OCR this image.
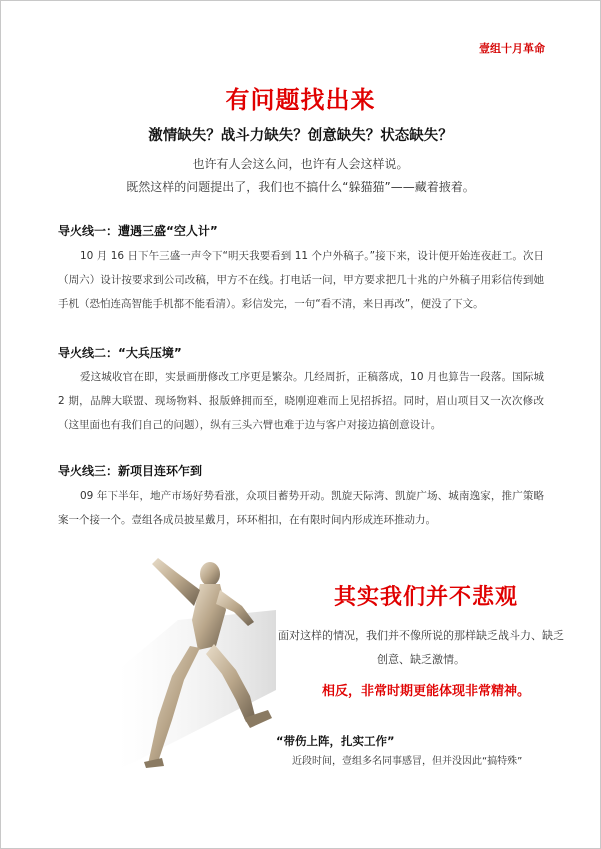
壹组十月革命
有问题找出来
激情缺失？战斗力缺失？创意缺失？状态缺失？
也许有人会这么问，也许有人会这样说。
既然这样的问题提出了，我们也不搞什么“躲猫猫”——藏着掖着。
导火线一：遭遇三盛“空人计”
10 月 16 日下午三盛一声令下“明天我要看到 11 个户外稿子。”接下来，设计便开始连夜赶工。次日（周六）设计按要求到公司改稿，甲方不在线。打电话一问，甲方要求把几十兆的户外稿子用彩信传到她手机（恐怕连高智能手机都不能看清）。彩信发完，一句“看不清，来日再改”，便没了下文。
导火线二：“大兵压境”
爱这城收官在即，实景画册修改工序更是繁杂。几经周折，正稿落成，10 月也算告一段落。国际城 2 期，品牌大联盟、现场物料、报版蜂拥而至，晓刚迎难而上见招拆招。同时，眉山项目又一次次修改（这里面也有我们自己的问题），纵有三头六臂也难于边与客户对接边搞创意设计。
导火线三：新项目连环乍到
09 年下半年，地产市场好势看涨，众项目蓄势开动。凯旋天际湾、凯旋广场、城南逸家，推广策略案一个接一个。壹组各成员披星戴月，环环相扣，在有限时间内形成连环推动力。
其实我们并不悲观
面对这样的情况，我们并不像所说的那样缺乏战斗力、缺乏创意、缺乏激情。
相反，非常时期更能体现非常精神。
“带伤上阵，扎实工作”
近段时间，壹组多名同事感冒，但并没因此“搞特殊”
